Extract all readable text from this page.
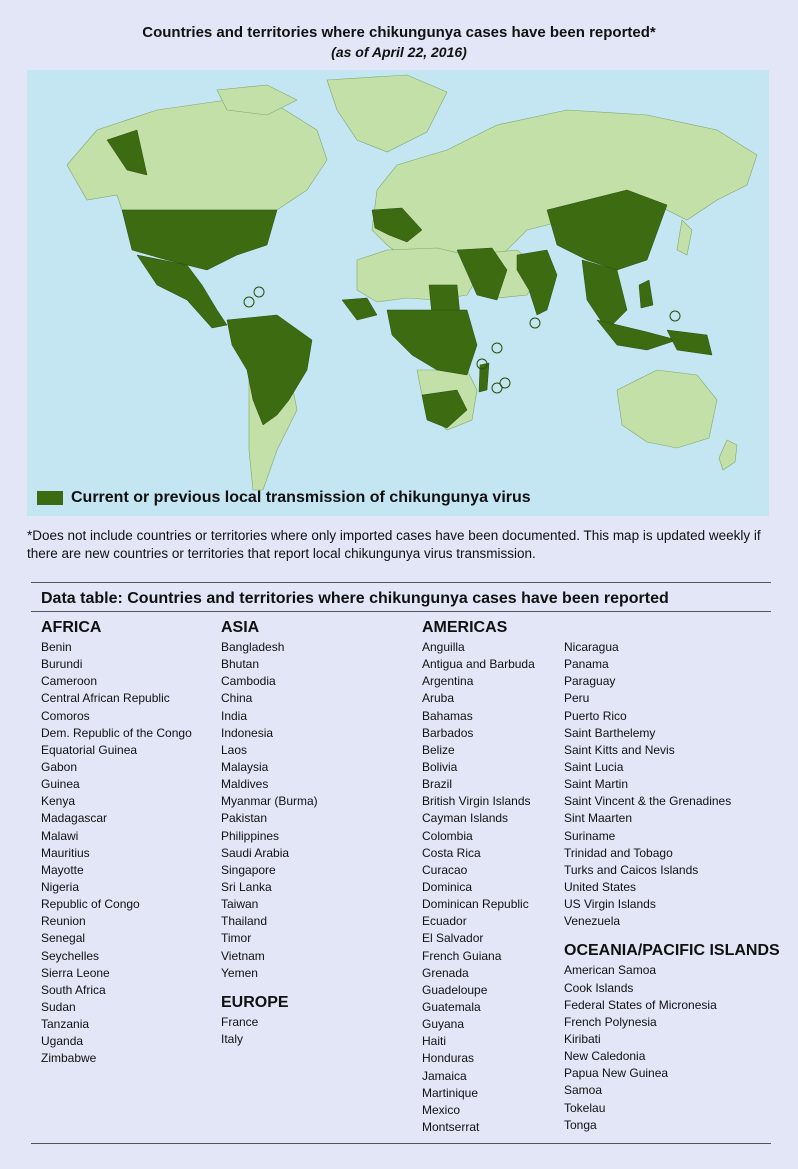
Countries and territories where chikungunya cases have been reported*
(as of April 22, 2016)
Current or previous local transmission of chikungunya virus
*Does not include countries or territories where only imported cases have been documented. This map is updated weekly if there are new countries or territories that report local chikungunya virus transmission.
Data table: Countries and territories where chikungunya cases have been reported
AFRICA
Benin
Burundi
Cameroon
Central African Republic
Comoros
Dem. Republic of the Congo
Equatorial Guinea
Gabon
Guinea
Kenya
Madagascar
Malawi
Mauritius
Mayotte
Nigeria
Republic of Congo
Reunion
Senegal
Seychelles
Sierra Leone
South Africa
Sudan
Tanzania
Uganda
Zimbabwe
ASIA
Bangladesh
Bhutan
Cambodia
China
India
Indonesia
Laos
Malaysia
Maldives
Myanmar (Burma)
Pakistan
Philippines
Saudi Arabia
Singapore
Sri Lanka
Taiwan
Thailand
Timor
Vietnam
Yemen
EUROPE
France
Italy
AMERICAS
Anguilla
Antigua and Barbuda
Argentina
Aruba
Bahamas
Barbados
Belize
Bolivia
Brazil
British Virgin Islands
Cayman Islands
Colombia
Costa Rica
Curacao
Dominica
Dominican Republic
Ecuador
El Salvador
French Guiana
Grenada
Guadeloupe
Guatemala
Guyana
Haiti
Honduras
Jamaica
Martinique
Mexico
Montserrat
Nicaragua
Panama
Paraguay
Peru
Puerto Rico
Saint Barthelemy
Saint Kitts and Nevis
Saint Lucia
Saint Martin
Saint Vincent & the Grenadines
Sint Maarten
Suriname
Trinidad and Tobago
Turks and Caicos Islands
United States
US Virgin Islands
Venezuela
OCEANIA/PACIFIC ISLANDS
American Samoa
Cook Islands
Federal States of Micronesia
French Polynesia
Kiribati
New Caledonia
Papua New Guinea
Samoa
Tokelau
Tonga
